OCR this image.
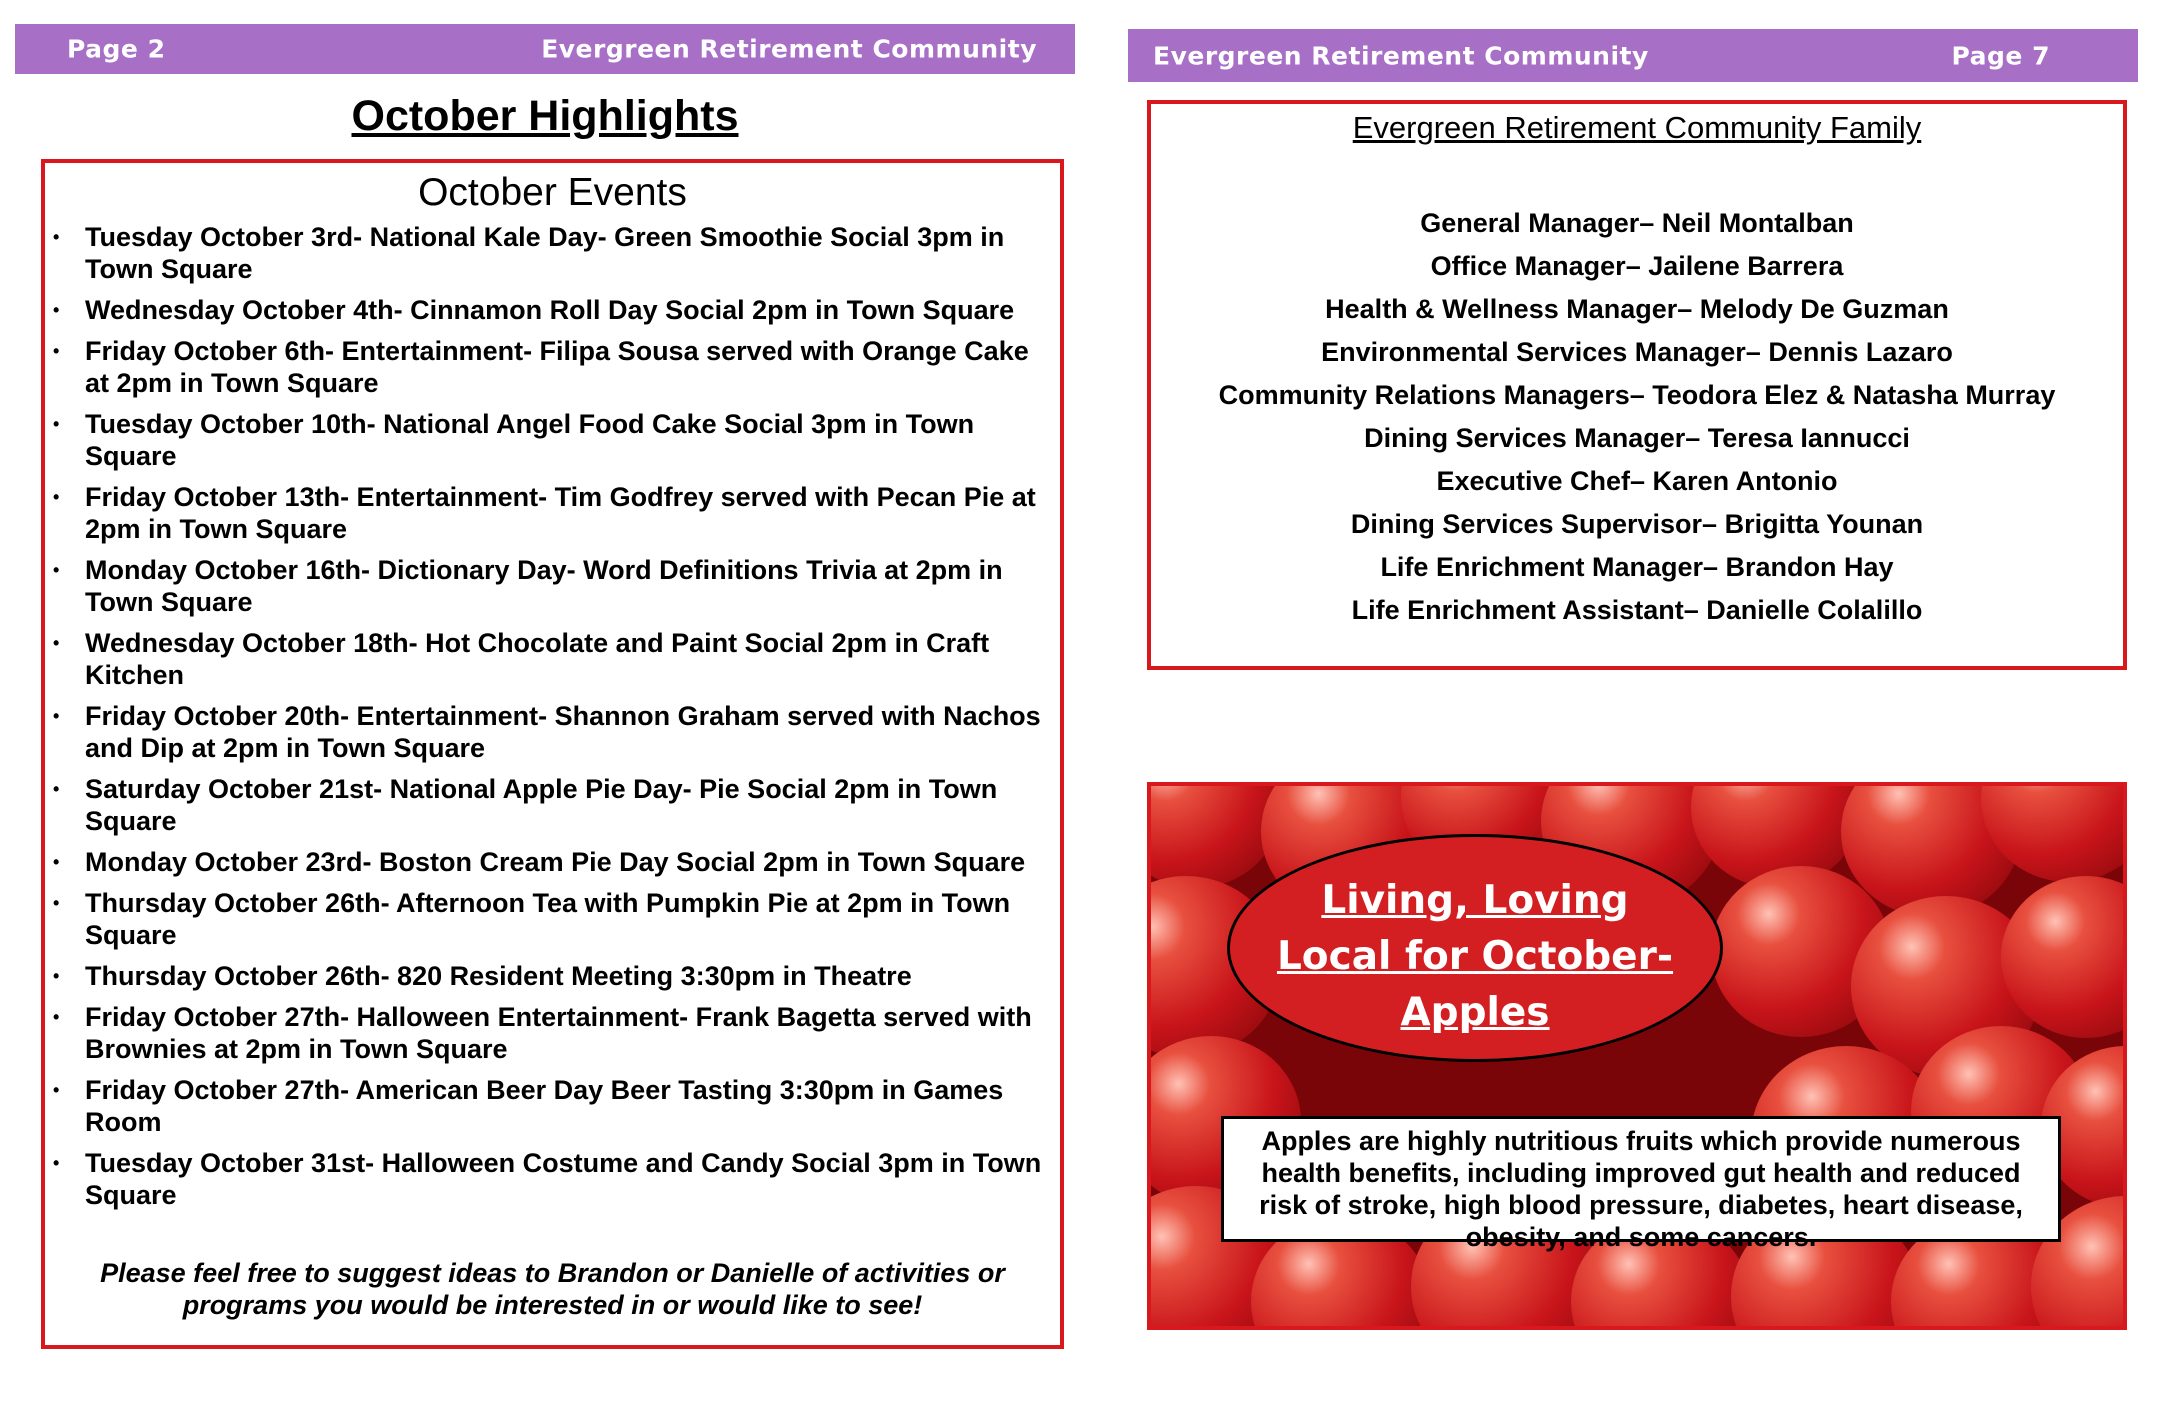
Page 2	Evergreen Retirement Community
October Highlights
October Events
• Tuesday October 3rd- National Kale Day- Green Smoothie Social 3pm in Town Square
• Wednesday October 4th- Cinnamon Roll Day Social 2pm in Town Square
• Friday October 6th- Entertainment- Filipa Sousa served with Orange Cake at 2pm in Town Square
• Tuesday October 10th- National Angel Food Cake Social 3pm in Town Square
• Friday October 13th- Entertainment- Tim Godfrey served with Pecan Pie at 2pm in Town Square
• Monday October 16th- Dictionary Day- Word Definitions Trivia at 2pm in Town Square
• Wednesday October 18th- Hot Chocolate and Paint Social 2pm in Craft Kitchen
• Friday October 20th- Entertainment- Shannon Graham served with Nachos and Dip at 2pm in Town Square
• Saturday October 21st- National Apple Pie Day- Pie Social 2pm in Town Square
• Monday October 23rd- Boston Cream Pie Day Social 2pm in Town Square
• Thursday October 26th- Afternoon Tea with Pumpkin Pie at 2pm in Town Square
• Thursday October 26th- 820 Resident Meeting 3:30pm in Theatre
• Friday October 27th- Halloween Entertainment- Frank Bagetta served with Brownies at 2pm in Town Square
• Friday October 27th- American Beer Day Beer Tasting 3:30pm in Games Room
• Tuesday October 31st- Halloween Costume and Candy Social 3pm in Town Square
Please feel free to suggest ideas to Brandon or Danielle of activities or programs you would be interested in or would like to see!
Evergreen Retirement Community	Page 7
Evergreen Retirement Community Family
General Manager– Neil Montalban
Office Manager– Jailene Barrera
Health & Wellness Manager– Melody De Guzman
Environmental Services Manager– Dennis Lazaro
Community Relations Managers– Teodora Elez & Natasha Murray
Dining Services Manager– Teresa Iannucci
Executive Chef– Karen Antonio
Dining Services Supervisor– Brigitta Younan
Life Enrichment Manager– Brandon Hay
Life Enrichment Assistant– Danielle Colalillo
Living, Loving
Local for October-
Apples
Apples are highly nutritious fruits which provide numerous health benefits, including improved gut health and reduced risk of stroke, high blood pressure, diabetes, heart disease, obesity, and some cancers.
